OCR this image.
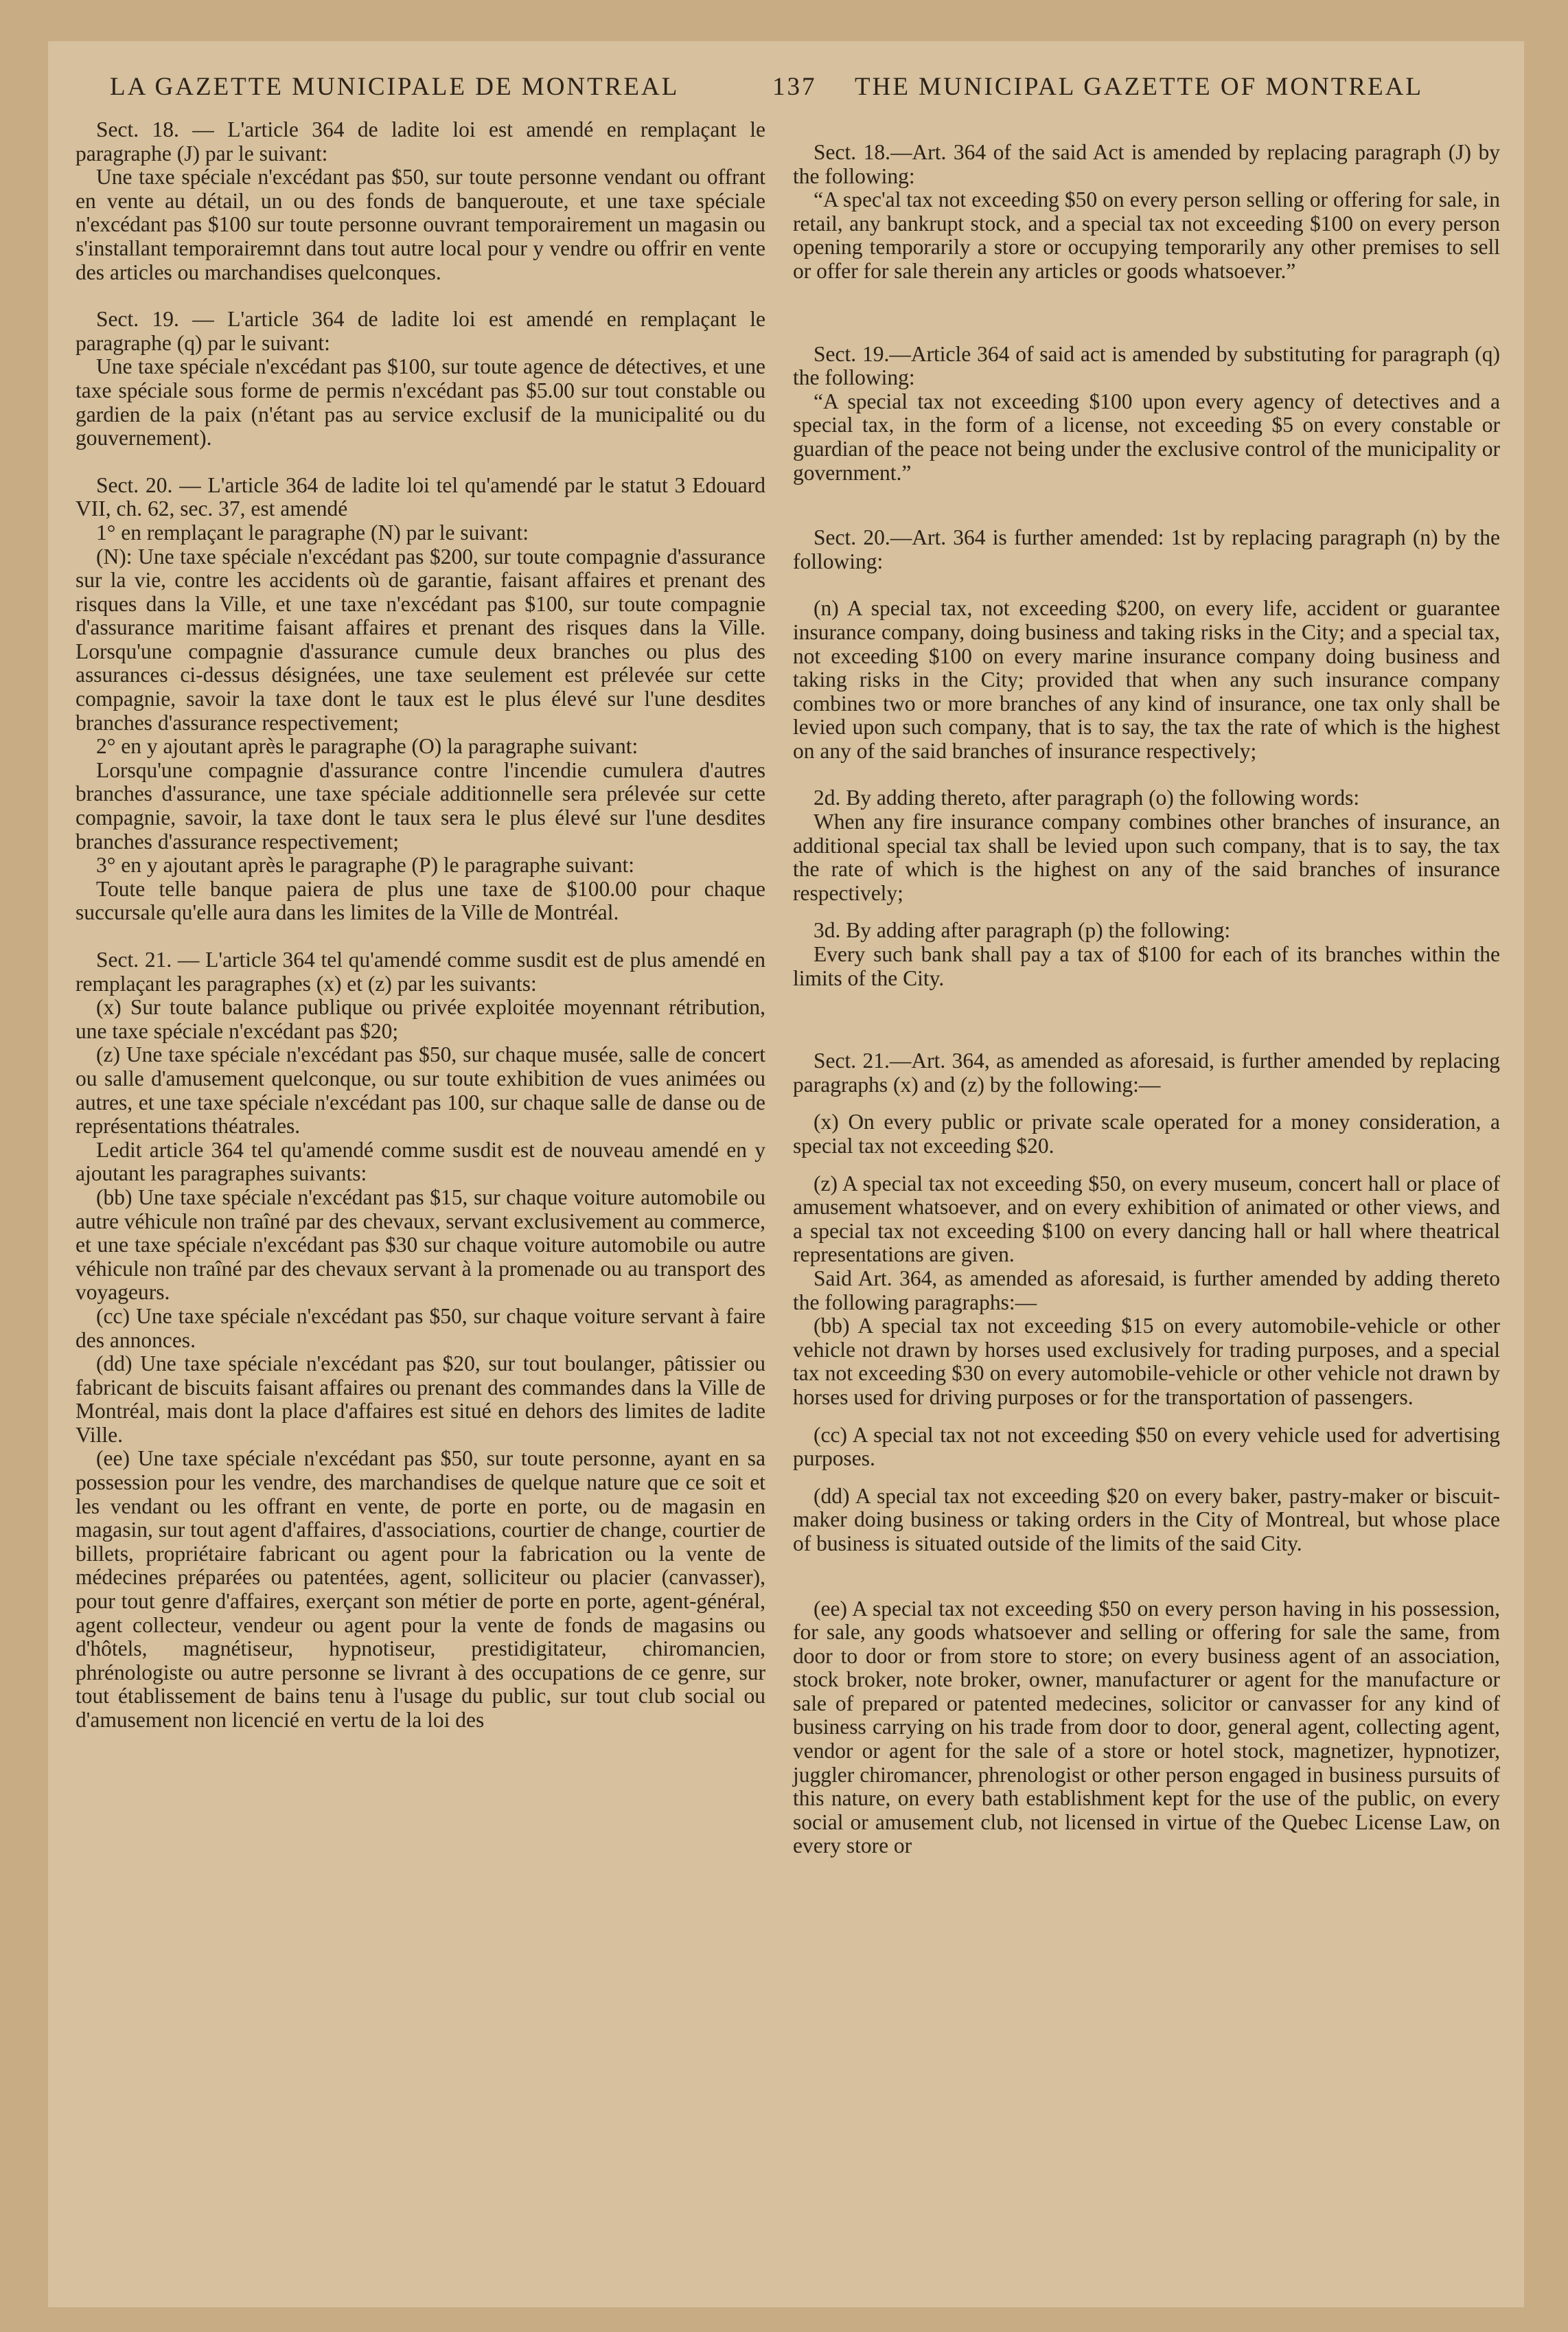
LA GAZETTE MUNICIPALE DE MONTREAL	137 THE MUNICIPAL GAZETTE OF MONTREAL

Sect. 18. — L'article 364 de ladite loi est amendé en remplaçant le paragraphe (J) par le suivant:

Une taxe spéciale n'excédant pas $50, sur toute personne vendant ou offrant en vente au détail, un ou des fonds de banqueroute, et une taxe spéciale n'excédant pas $100 sur toute personne ouvrant temporairement un magasin ou s'installant temporairemnt dans tout autre local pour y vendre ou offrir en vente des articles ou marchandises quelconques.

Sect. 19. — L'article 364 de ladite loi est amendé en remplaçant le paragraphe (q) par le suivant:

Une taxe spéciale n'excédant pas $100, sur toute agence de détectives, et une taxe spéciale sous forme de permis n'excédant pas $5.00 sur tout constable ou gardien de la paix (n'étant pas au service exclusif de la municipalité ou du gouvernement).

Sect. 20. — L'article 364 de ladite loi tel qu'amendé par le statut 3 Edouard VII, ch. 62, sec. 37, est amendé

1° en remplaçant le paragraphe (N) par le suivant:

(N): Une taxe spéciale n'excédant pas $200, sur toute compagnie d'assurance sur la vie, contre les accidents où de garantie, faisant affaires et prenant des risques dans la Ville, et une taxe n'excédant pas $100, sur toute compagnie d'assurance maritime faisant affaires et prenant des risques dans la Ville. Lorsqu'une compagnie d'assurance cumule deux branches ou plus des assurances ci-dessus désignées, une taxe seulement est prélevée sur cette compagnie, savoir la taxe dont le taux est le plus élevé sur l'une desdites branches d'assurance respectivement;

2° en y ajoutant après le paragraphe (O) la paragraphe suivant:

Lorsqu'une compagnie d'assurance contre l'incendie cumulera d'autres branches d'assurance, une taxe spéciale additionnelle sera prélevée sur cette compagnie, savoir, la taxe dont le taux sera le plus élevé sur l'une desdites branches d'assurance respectivement;

3° en y ajoutant après le paragraphe (P) le paragraphe suivant:

Toute telle banque paiera de plus une taxe de $100.00 pour chaque succursale qu'elle aura dans les limites de la Ville de Montréal.

Sect. 21. — L'article 364 tel qu'amendé comme susdit est de plus amendé en remplaçant les paragraphes (x) et (z) par les suivants:

(x) Sur toute balance publique ou privée exploitée moyennant rétribution, une taxe spéciale n'excédant pas $20;

(z) Une taxe spéciale n'excédant pas $50, sur chaque musée, salle de concert ou salle d'amusement quelconque, ou sur toute exhibition de vues animées ou autres, et une taxe spéciale n'excédant pas 100, sur chaque salle de danse ou de représentations théatrales.

Ledit article 364 tel qu'amendé comme susdit est de nouveau amendé en y ajoutant les paragraphes suivants:

(bb) Une taxe spéciale n'excédant pas $15, sur chaque voiture automobile ou autre véhicule non traîné par des chevaux, servant exclusivement au commerce, et une taxe spéciale n'excédant pas $30 sur chaque voiture automobile ou autre véhicule non traîné par des chevaux servant à la promenade ou au transport des voyageurs.

(cc) Une taxe spéciale n'excédant pas $50, sur chaque voiture servant à faire des annonces.

(dd) Une taxe spéciale n'excédant pas $20, sur tout boulanger, pâtissier ou fabricant de biscuits faisant affaires ou prenant des commandes dans la Ville de Montréal, mais dont la place d'affaires est situé en dehors des limites de ladite Ville.

(ee) Une taxe spéciale n'excédant pas $50, sur toute personne, ayant en sa possession pour les vendre, des marchandises de quelque nature que ce soit et les vendant ou les offrant en vente, de porte en porte, ou de magasin en magasin, sur tout agent d'affaires, d'associations, courtier de change, courtier de billets, propriétaire fabricant ou agent pour la fabrication ou la vente de médecines préparées ou patentées, agent, solliciteur ou placier (canvasser), pour tout genre d'affaires, exerçant son métier de porte en porte, agent-général, agent collecteur, vendeur ou agent pour la vente de fonds de magasins ou d'hôtels, magnétiseur, hypnotiseur, prestidigitateur, chiromancien, phrénologiste ou autre personne se livrant à des occupations de ce genre, sur tout établissement de bains tenu à l'usage du public, sur tout club social ou d'amusement non licencié en vertu de la loi des

Sect. 18.—Art. 364 of the said Act is amended by replacing paragraph (J) by the following:

“A spec'al tax not exceeding $50 on every person selling or offering for sale, in retail, any bankrupt stock, and a special tax not exceeding $100 on every person opening temporarily a store or occupying temporarily any other premises to sell or offer for sale therein any articles or goods whatsoever.”

Sect. 19.—Article 364 of said act is amended by substituting for paragraph (q) the following:

“A special tax not exceeding $100 upon every agency of detectives and a special tax, in the form of a license, not exceeding $5 on every constable or guardian of the peace not being under the exclusive control of the municipality or government.”

Sect. 20.—Art. 364 is further amended: 1st by replacing paragraph (n) by the following:

(n) A special tax, not exceeding $200, on every life, accident or guarantee insurance company, doing business and taking risks in the City; and a special tax, not exceeding $100 on every marine insurance company doing business and taking risks in the City; provided that when any such insurance company combines two or more branches of any kind of insurance, one tax only shall be levied upon such company, that is to say, the tax the rate of which is the highest on any of the said branches of insurance respectively;

2d. By adding thereto, after paragraph (o) the following words:

When any fire insurance company combines other branches of insurance, an additional special tax shall be levied upon such company, that is to say, the tax the rate of which is the highest on any of the said branches of insurance respectively;

3d. By adding after paragraph (p) the following:

Every such bank shall pay a tax of $100 for each of its branches within the limits of the City.

Sect. 21.—Art. 364, as amended as aforesaid, is further amended by replacing paragraphs (x) and (z) by the following:—

(x) On every public or private scale operated for a money consideration, a special tax not exceeding $20.

(z) A special tax not exceeding $50, on every museum, concert hall or place of amusement whatsoever, and on every exhibition of animated or other views, and a special tax not exceeding $100 on every dancing hall or hall where theatrical representations are given.

Said Art. 364, as amended as aforesaid, is further amended by adding thereto the following paragraphs:—

(bb) A special tax not exceeding $15 on every automobile-vehicle or other vehicle not drawn by horses used exclusively for trading purposes, and a special tax not exceeding $30 on every automobile-vehicle or other vehicle not drawn by horses used for driving purposes or for the transportation of passengers.

(cc) A special tax not not exceeding $50 on every vehicle used for advertising purposes.

(dd) A special tax not exceeding $20 on every baker, pastry-maker or biscuit-maker doing business or taking orders in the City of Montreal, but whose place of business is situated outside of the limits of the said City.

(ee) A special tax not exceeding $50 on every person having in his possession, for sale, any goods whatsoever and selling or offering for sale the same, from door to door or from store to store; on every business agent of an association, stock broker, note broker, owner, manufacturer or agent for the manufacture or sale of prepared or patented medecines, solicitor or canvasser for any kind of business carrying on his trade from door to door, general agent, collecting agent, vendor or agent for the sale of a store or hotel stock, magnetizer, hypnotizer, juggler chiromancer, phrenologist or other person engaged in business pursuits of this nature, on every bath establishment kept for the use of the public, on every social or amusement club, not licensed in virtue of the Quebec License Law, on every store or
